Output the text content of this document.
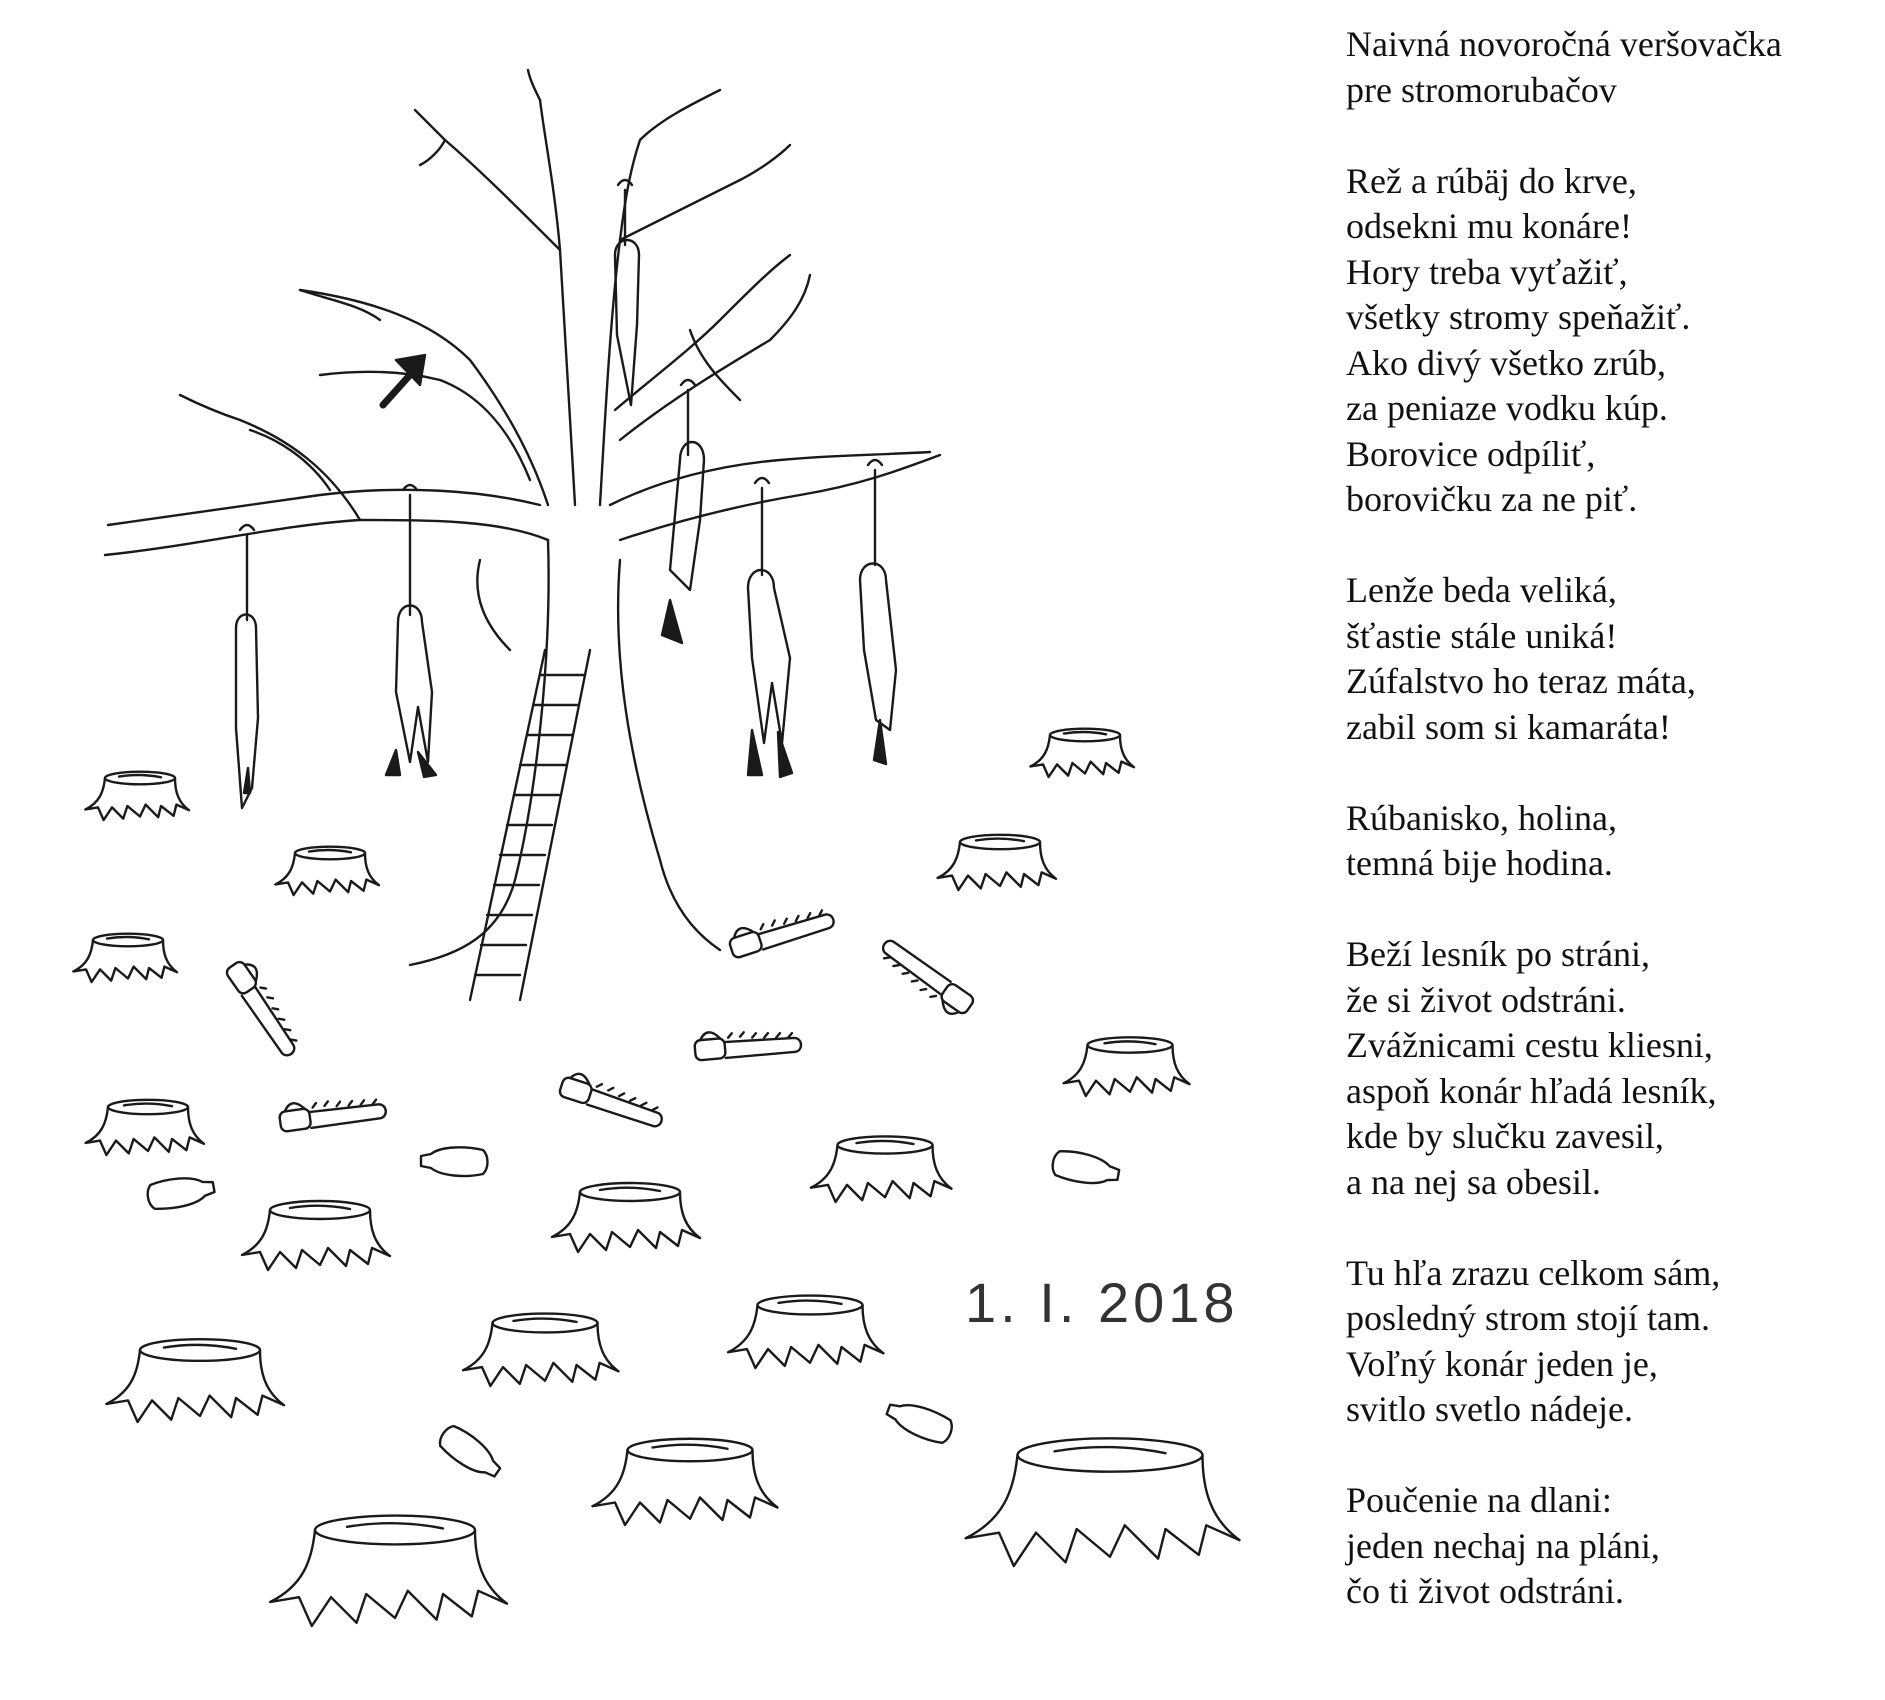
1. I. 2018
Naivná novoročná veršovačka
pre stromorubačov
Rež a rúbäj do krve,
odsekni mu konáre!
Hory treba vyťažiť,
všetky stromy speňažiť.
Ako divý všetko zrúb,
za peniaze vodku kúp.
Borovice odpíliť,
borovičku za ne piť.
Lenže beda veliká,
šťastie stále uniká!
Zúfalstvo ho teraz máta,
zabil som si kamaráta!
Rúbanisko, holina,
temná bije hodina.
Beží lesník po stráni,
že si život odstráni.
Zvážnicami cestu kliesni,
aspoň konár hľadá lesník,
kde by slučku zavesil,
a na nej sa obesil.
Tu hľa zrazu celkom sám,
posledný strom stojí tam.
Voľný konár jeden je,
svitlo svetlo nádeje.
Poučenie na dlani:
jeden nechaj na pláni,
čo ti život odstráni.
